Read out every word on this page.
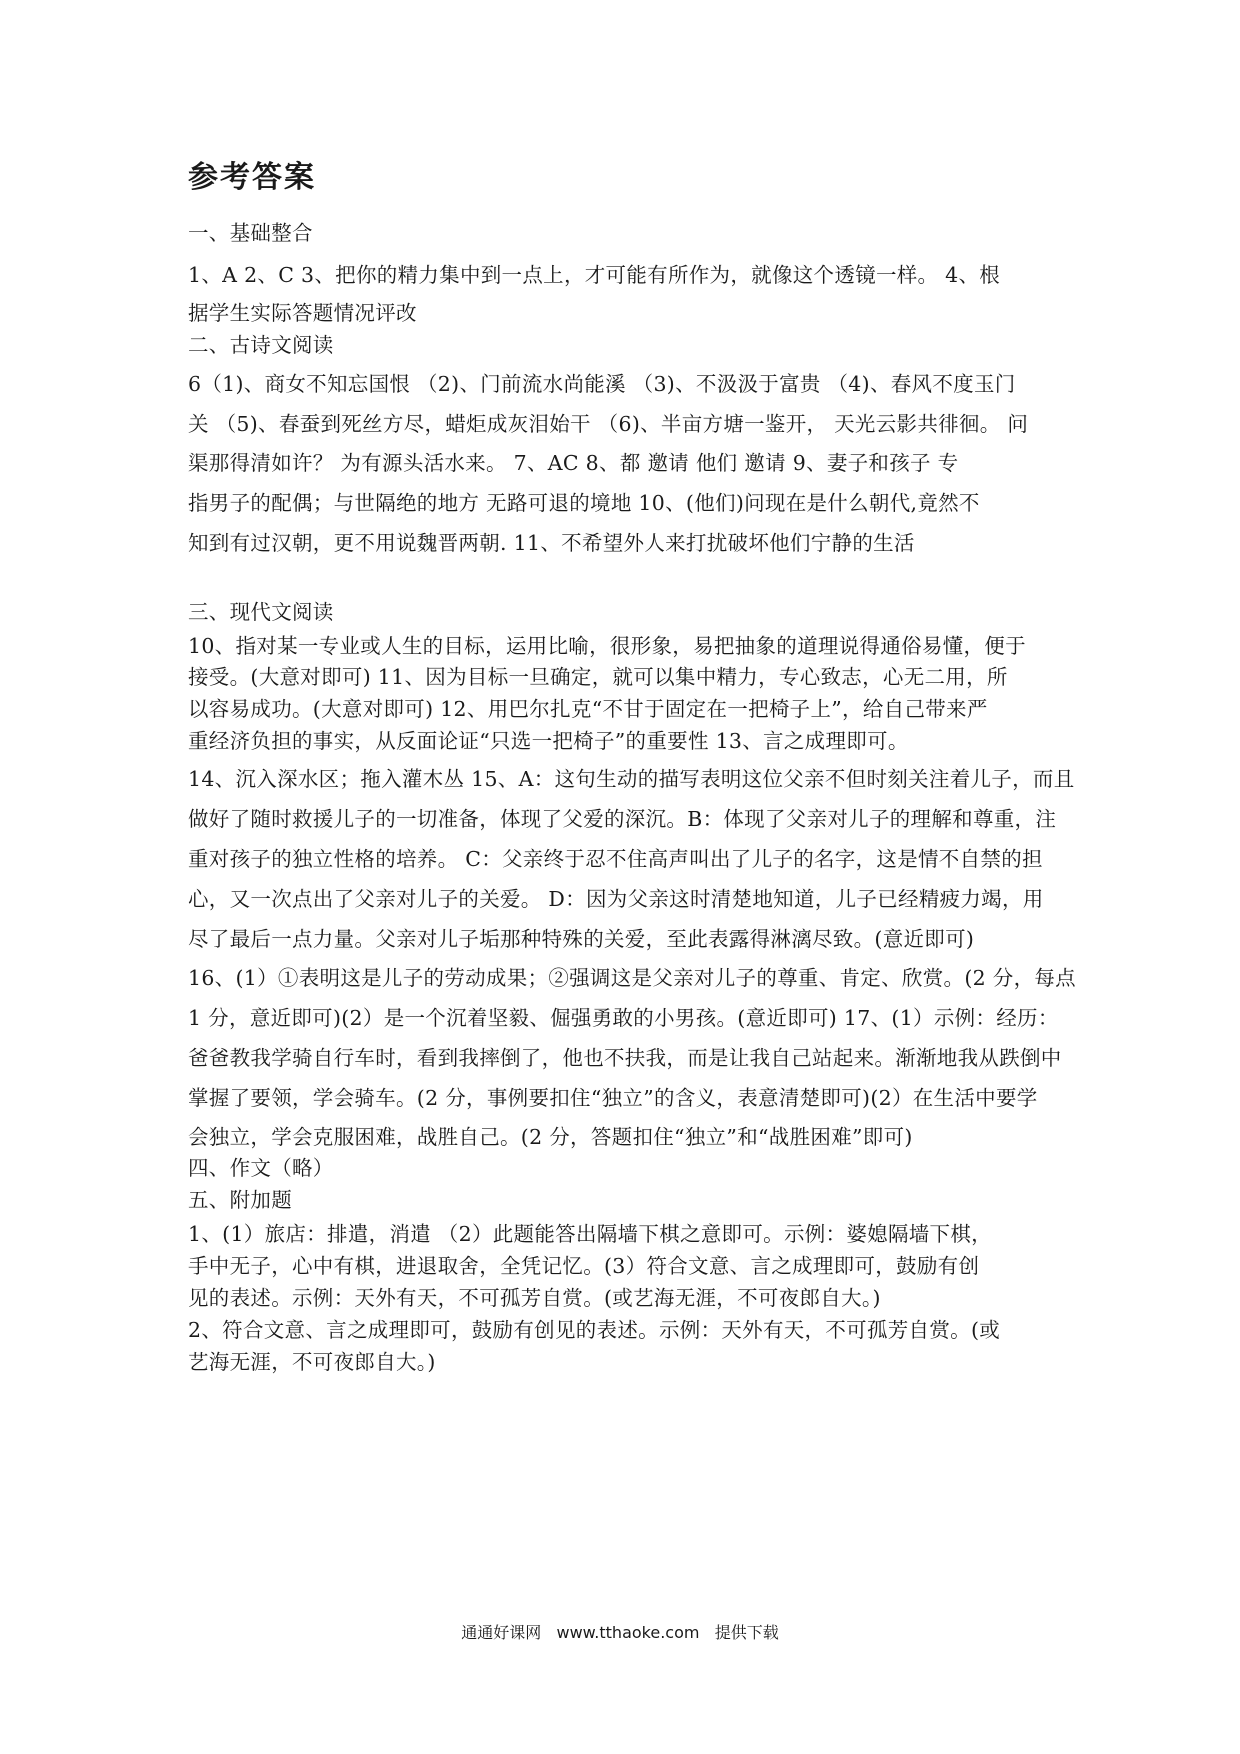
参考答案
一、基础整合
1、A 2、C 3、把你的精力集中到一点上，才可能有所作为，就像这个透镜一样。 4、根
据学生实际答题情况评改
二、古诗文阅读
6（1)、商女不知忘国恨 （2)、门前流水尚能溪 （3)、不汲汲于富贵 （4)、春风不度玉门
关 （5)、春蚕到死丝方尽，蜡炬成灰泪始干 （6)、半亩方塘一鉴开， 天光云影共徘徊。 问
渠那得清如许？ 为有源头活水来。 7、AC 8、都 邀请 他们 邀请 9、妻子和孩子 专
指男子的配偶；与世隔绝的地方 无路可退的境地 10、(他们)问现在是什么朝代,竟然不
知到有过汉朝，更不用说魏晋两朝. 11、不希望外人来打扰破坏他们宁静的生活
三、现代文阅读
10、指对某一专业或人生的目标，运用比喻，很形象，易把抽象的道理说得通俗易懂，便于
接受。(大意对即可) 11、因为目标一旦确定，就可以集中精力，专心致志，心无二用，所
以容易成功。(大意对即可) 12、用巴尔扎克“不甘于固定在一把椅子上”，给自己带来严
重经济负担的事实，从反面论证“只选一把椅子”的重要性 13、言之成理即可。
14、沉入深水区；拖入灌木丛 15、A：这句生动的描写表明这位父亲不但时刻关注着儿子，而且
做好了随时救援儿子的一切准备，体现了父爱的深沉。B：体现了父亲对儿子的理解和尊重，注
重对孩子的独立性格的培养。 C：父亲终于忍不住高声叫出了儿子的名字，这是情不自禁的担
心，又一次点出了父亲对儿子的关爱。 D：因为父亲这时清楚地知道，儿子已经精疲力竭，用
尽了最后一点力量。父亲对儿子垢那种特殊的关爱，至此表露得淋漓尽致。(意近即可)
16、(1）①表明这是儿子的劳动成果；②强调这是父亲对儿子的尊重、肯定、欣赏。(2 分，每点
1 分，意近即可)(2）是一个沉着坚毅、倔强勇敢的小男孩。(意近即可) 17、(1）示例：经历：
爸爸教我学骑自行车时，看到我摔倒了，他也不扶我，而是让我自己站起来。渐渐地我从跌倒中
掌握了要领，学会骑车。(2 分，事例要扣住“独立”的含义，表意清楚即可)(2）在生活中要学
会独立，学会克服困难，战胜自己。(2 分，答题扣住“独立”和“战胜困难”即可)
四、作文（略）
五、附加题
1、(1）旅店：排遣，消遣 （2）此题能答出隔墙下棋之意即可。示例：婆媳隔墙下棋，
手中无子，心中有棋，进退取舍，全凭记忆。(3）符合文意、言之成理即可，鼓励有创
见的表述。示例：天外有天，不可孤芳自赏。(或艺海无涯，不可夜郎自大。)
2、符合文意、言之成理即可，鼓励有创见的表述。示例：天外有天，不可孤芳自赏。(或
艺海无涯，不可夜郎自大。)
通通好课网   www.tthaoke.com   提供下载
